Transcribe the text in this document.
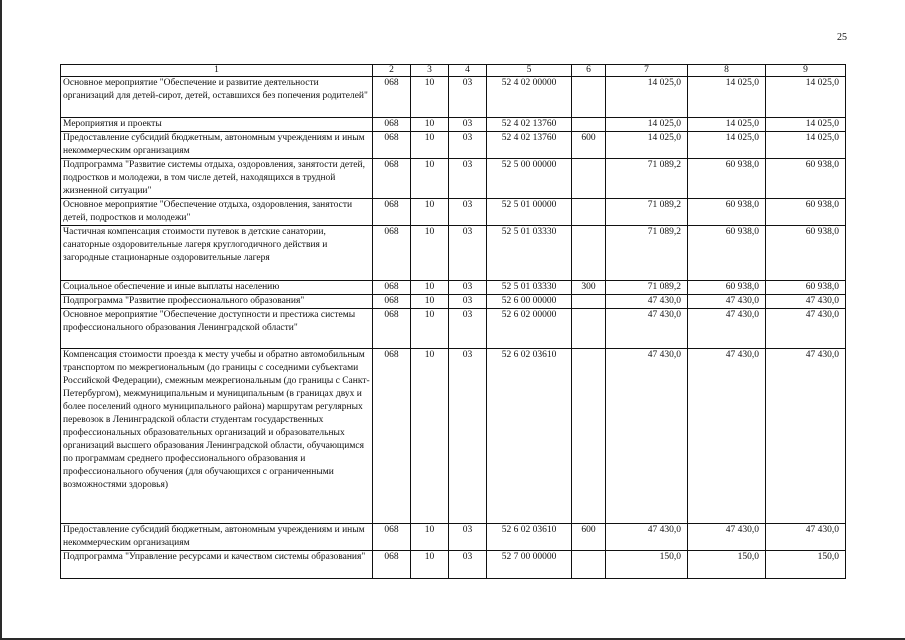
25
1	2	3	4	5	6	7	8	9
Основное мероприятие "Обеспечение и развитие деятельности организаций для детей-сирот, детей, оставшихся без попечения родителей"	068	10	03	52 4 02 00000		14 025,0	14 025,0	14 025,0
Мероприятия и проекты	068	10	03	52 4 02 13760		14 025,0	14 025,0	14 025,0
Предоставление субсидий бюджетным, автономным учреждениям и иным некоммерческим организациям	068	10	03	52 4 02 13760	600	14 025,0	14 025,0	14 025,0
Подпрограмма "Развитие системы отдыха, оздоровления, занятости детей, подростков и молодежи, в том числе детей, находящихся в трудной жизненной ситуации"	068	10	03	52 5 00 00000		71 089,2	60 938,0	60 938,0
Основное мероприятие "Обеспечение отдыха, оздоровления, занятости детей, подростков и молодежи"	068	10	03	52 5 01 00000		71 089,2	60 938,0	60 938,0
Частичная компенсация стоимости путевок в детские санатории, санаторные оздоровительные лагеря круглогодичного действия и загородные стационарные оздоровительные лагеря	068	10	03	52 5 01 03330		71 089,2	60 938,0	60 938,0
Социальное обеспечение и иные выплаты населению	068	10	03	52 5 01 03330	300	71 089,2	60 938,0	60 938,0
Подпрограмма "Развитие профессионального образования"	068	10	03	52 6 00 00000		47 430,0	47 430,0	47 430,0
Основное мероприятие "Обеспечение доступности и престижа системы профессионального образования Ленинградской области"	068	10	03	52 6 02 00000		47 430,0	47 430,0	47 430,0
Компенсация стоимости проезда к месту учебы и обратно автомобильным транспортом по межрегиональным (до границы с соседними субъектами Российской Федерации), смежным межрегиональным (до границы с Санкт-Петербургом), межмуниципальным и муниципальным (в границах двух и более поселений одного муниципального района) маршрутам регулярных перевозок в Ленинградской области студентам государственных профессиональных образовательных организаций и образовательных организаций высшего образования Ленинградской области, обучающимся по программам среднего профессионального образования и профессионального обучения (для обучающихся с ограниченными возможностями здоровья)	068	10	03	52 6 02 03610		47 430,0	47 430,0	47 430,0
Предоставление субсидий бюджетным, автономным учреждениям и иным некоммерческим организациям	068	10	03	52 6 02 03610	600	47 430,0	47 430,0	47 430,0
Подпрограмма "Управление ресурсами и качеством системы образования"	068	10	03	52 7 00 00000		150,0	150,0	150,0
